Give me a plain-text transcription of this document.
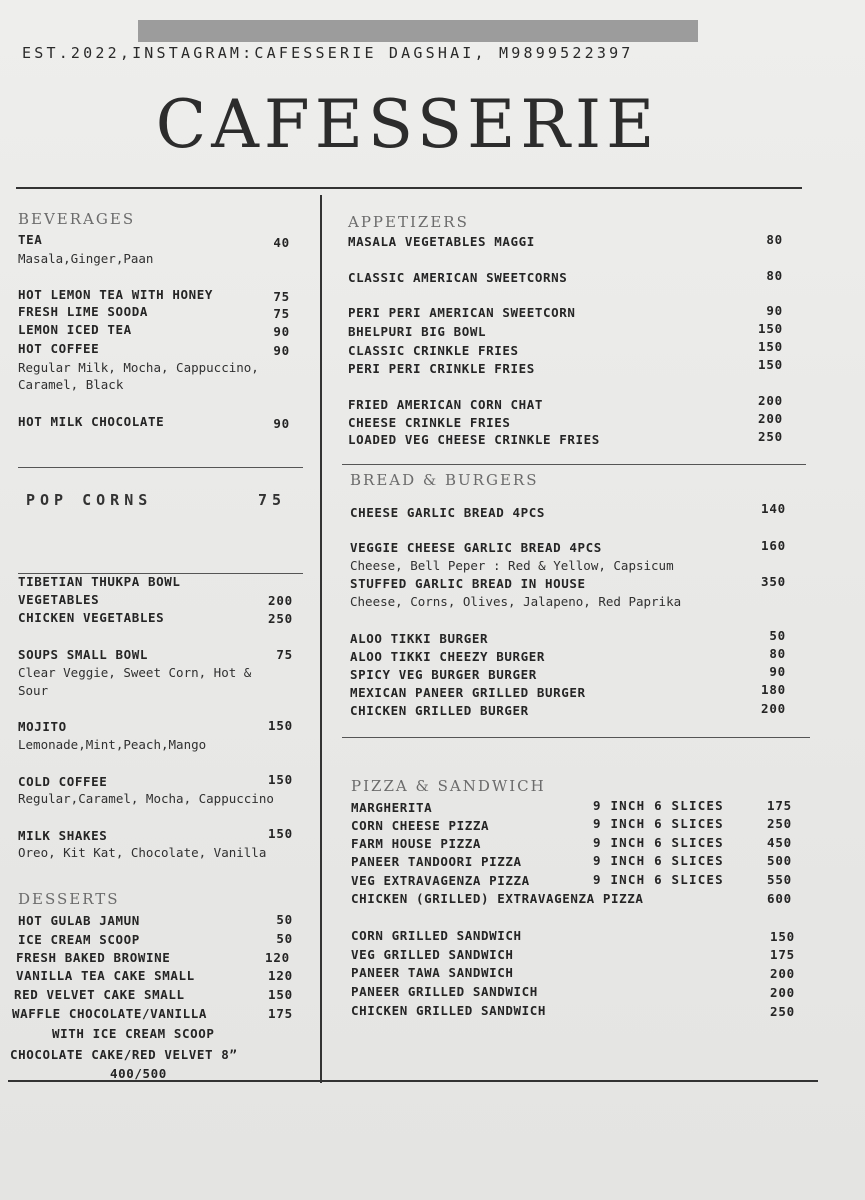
EST.2022,INSTAGRAM:CAFESSERIE DAGSHAI, M9899522397
CAFESSERIE
BEVERAGES
TEA	40
Masala,Ginger,Paan
HOT LEMON TEA WITH HONEY	75
FRESH LIME SOODA	75
LEMON ICED TEA	90
HOT COFFEE	90
Regular Milk, Mocha, Cappuccino,
Caramel, Black
HOT MILK CHOCOLATE	90
POP CORNS	75
TIBETIAN THUKPA BOWL
VEGETABLES	200
CHICKEN VEGETABLES	250
SOUPS SMALL BOWL	75
Clear Veggie, Sweet Corn, Hot &
Sour
MOJITO	150
Lemonade,Mint,Peach,Mango
COLD COFFEE	150
Regular,Caramel, Mocha, Cappuccino
MILK SHAKES	150
Oreo, Kit Kat, Chocolate, Vanilla
DESSERTS
HOT GULAB JAMUN	50
ICE CREAM SCOOP	50
FRESH BAKED BROWINE	120
VANILLA TEA CAKE SMALL	120
RED VELVET CAKE SMALL	150
WAFFLE CHOCOLATE/VANILLA	175
WITH ICE CREAM SCOOP
CHOCOLATE CAKE/RED VELVET 8”
400/500
APPETIZERS
MASALA VEGETABLES MAGGI	80
CLASSIC AMERICAN SWEETCORNS	80
PERI PERI AMERICAN SWEETCORN	90
BHELPURI BIG BOWL	150
CLASSIC CRINKLE FRIES	150
PERI PERI CRINKLE FRIES	150
FRIED AMERICAN CORN CHAT	200
CHEESE CRINKLE FRIES	200
LOADED VEG CHEESE CRINKLE FRIES	250
BREAD & BURGERS
CHEESE GARLIC BREAD 4PCS	140
VEGGIE CHEESE GARLIC BREAD 4PCS	160
Cheese, Bell Peper : Red & Yellow, Capsicum
STUFFED GARLIC BREAD IN HOUSE	350
Cheese, Corns, Olives, Jalapeno, Red Paprika
ALOO TIKKI BURGER	50
ALOO TIKKI CHEEZY BURGER	80
SPICY VEG BURGER BURGER	90
MEXICAN PANEER GRILLED BURGER	180
CHICKEN GRILLED BURGER	200
PIZZA & SANDWICH
MARGHERITA	9 INCH 6 SLICES	175
CORN CHEESE PIZZA	9 INCH 6 SLICES	250
FARM HOUSE PIZZA	9 INCH 6 SLICES	450
PANEER TANDOORI PIZZA	9 INCH 6 SLICES	500
VEG EXTRAVAGENZA PIZZA	9 INCH 6 SLICES	550
CHICKEN (GRILLED) EXTRAVAGENZA PIZZA	600
CORN GRILLED SANDWICH	150
VEG GRILLED SANDWICH	175
PANEER TAWA SANDWICH	200
PANEER GRILLED SANDWICH	200
CHICKEN GRILLED SANDWICH	250
